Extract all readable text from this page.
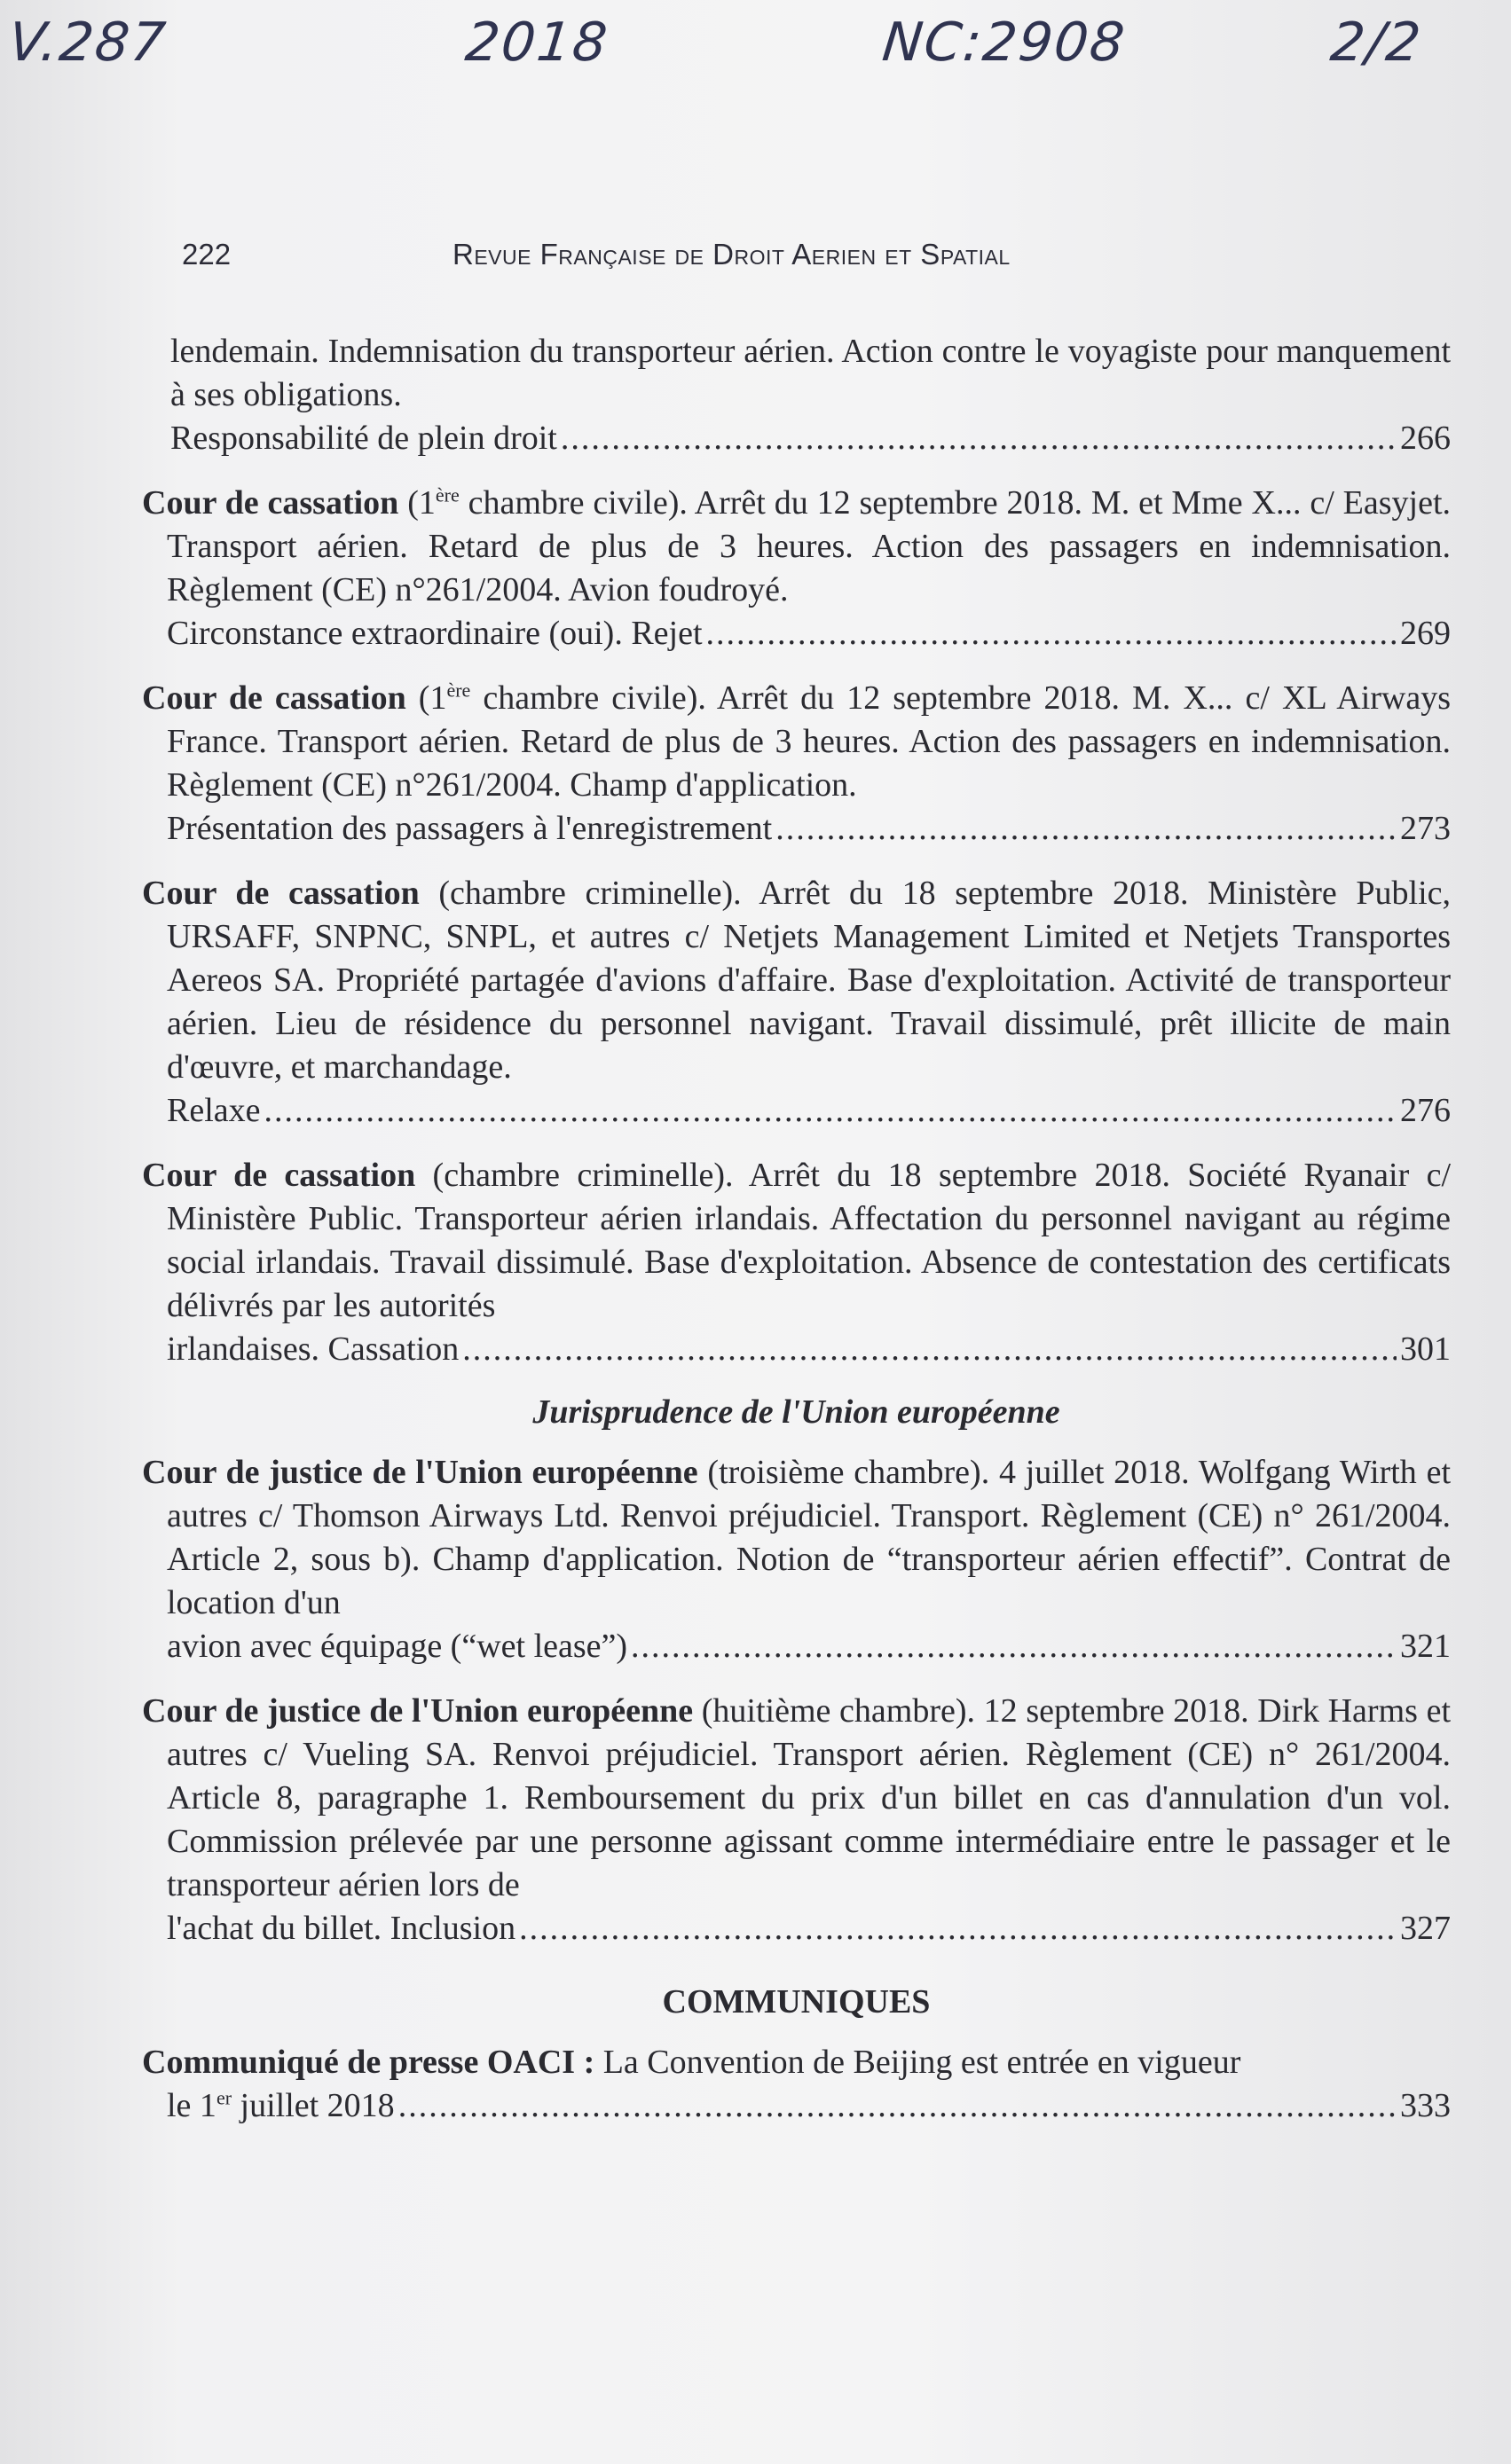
V.287	2018	NC:2908	2/2
222	Revue Française de Droit Aerien et Spatial
lendemain. Indemnisation du transporteur aérien. Action contre le voyagiste pour manquement à ses obligations.
Responsabilité de plein droit .....	266
Cour de cassation (1ère chambre civile). Arrêt du 12 septembre 2018. M. et Mme X... c/ Easyjet. Transport aérien. Retard de plus de 3 heures. Action des passagers en indemnisation. Règlement (CE) n°261/2004. Avion foudroyé.
Circonstance extraordinaire (oui). Rejet .....	269
Cour de cassation (1ère chambre civile). Arrêt du 12 septembre 2018. M. X... c/ XL Airways France. Transport aérien. Retard de plus de 3 heures. Action des passagers en indemnisation. Règlement (CE) n°261/2004. Champ d'application.
Présentation des passagers à l'enregistrement .....	273
Cour de cassation (chambre criminelle). Arrêt du 18 septembre 2018. Ministère Public, URSAFF, SNPNC, SNPL, et autres c/ Netjets Management Limited et Netjets Transportes Aereos SA. Propriété partagée d'avions d'affaire. Base d'exploitation. Activité de transporteur aérien. Lieu de résidence du personnel navigant. Travail dissimulé, prêt illicite de main d'œuvre, et marchandage.
Relaxe .....	276
Cour de cassation (chambre criminelle). Arrêt du 18 septembre 2018. Société Ryanair c/ Ministère Public. Transporteur aérien irlandais. Affectation du personnel navigant au régime social irlandais. Travail dissimulé. Base d'exploitation. Absence de contestation des certificats délivrés par les autorités
irlandaises. Cassation .....	301
Jurisprudence de l'Union européenne
Cour de justice de l'Union européenne (troisième chambre). 4 juillet 2018. Wolfgang Wirth et autres c/ Thomson Airways Ltd. Renvoi préjudiciel. Transport. Règlement (CE) n° 261/2004. Article 2, sous b). Champ d'application. Notion de “transporteur aérien effectif”. Contrat de location d'un
avion avec équipage (“wet lease”) .....	321
Cour de justice de l'Union européenne (huitième chambre). 12 septembre 2018. Dirk Harms et autres c/ Vueling SA. Renvoi préjudiciel. Transport aérien. Règlement (CE) n° 261/2004. Article 8, paragraphe 1. Remboursement du prix d'un billet en cas d'annulation d'un vol. Commission prélevée par une personne agissant comme intermédiaire entre le passager et le transporteur aérien lors de
l'achat du billet. Inclusion .....	327
COMMUNIQUES
Communiqué de presse OACI : La Convention de Beijing est entrée en vigueur
le 1er juillet 2018 .....	333
